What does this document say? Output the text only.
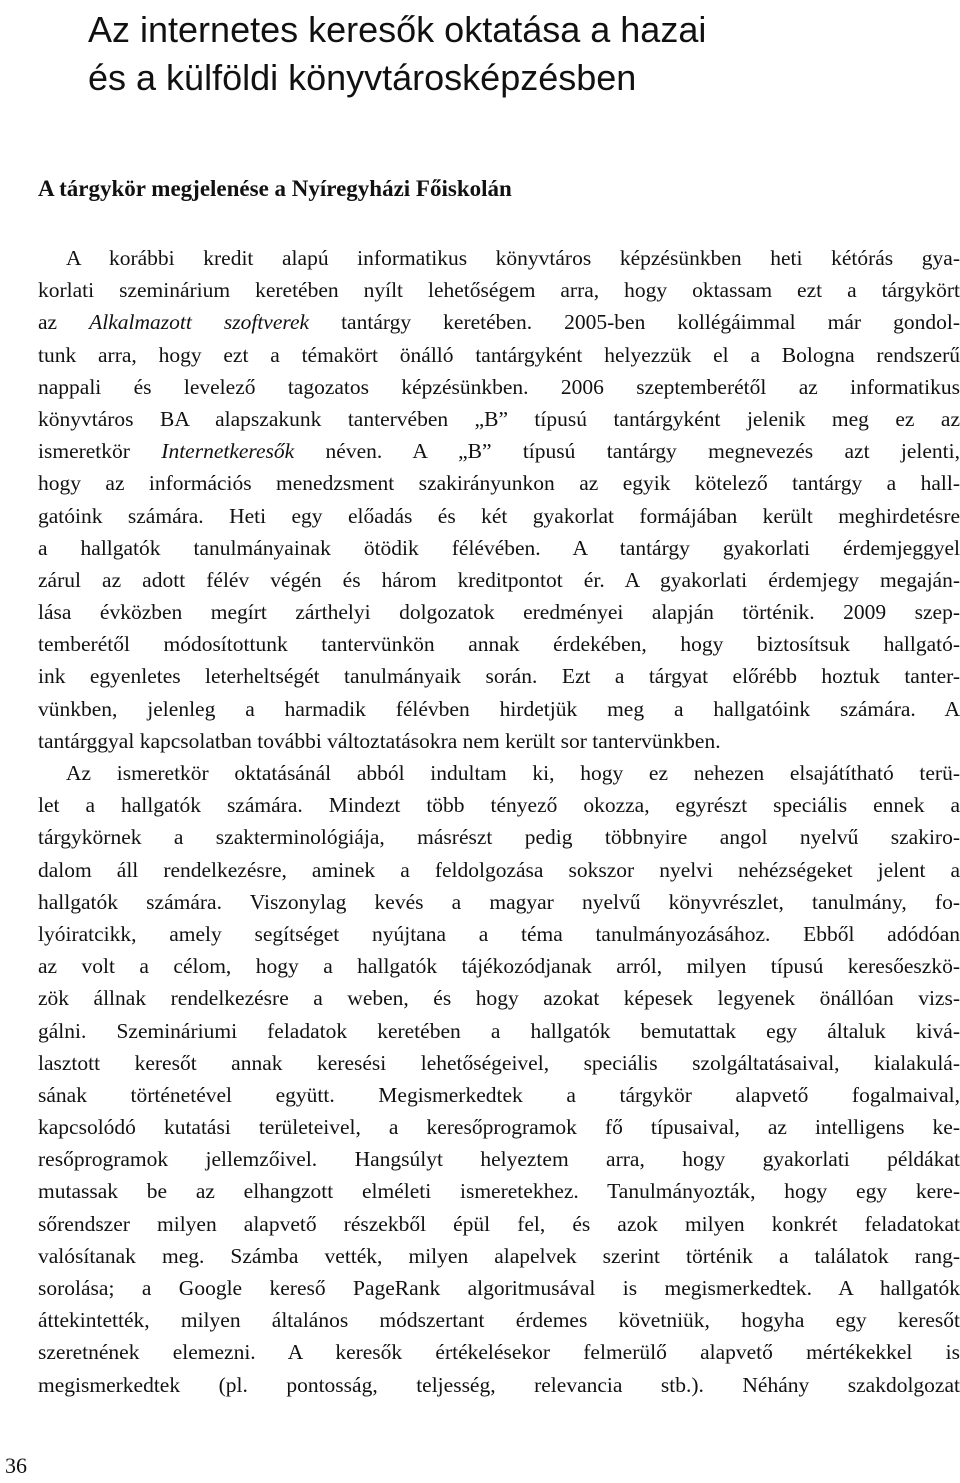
Az internetes keresők oktatása a hazai
és a külföldi könyvtárosképzésben
A tárgykör megjelenése a Nyíregyházi Főiskolán
A korábbi kredit alapú informatikus könyvtáros képzésünkben heti kétórás gya-
korlati szeminárium keretében nyílt lehetőségem arra, hogy oktassam ezt a tárgykört
az Alkalmazott szoftverek tantárgy keretében. 2005-ben kollégáimmal már gondol-
tunk arra, hogy ezt a témakört önálló tantárgyként helyezzük el a Bologna rendszerű
nappali és levelező tagozatos képzésünkben. 2006 szeptemberétől az informatikus
könyvtáros BA alapszakunk tantervében „B” típusú tantárgyként jelenik meg ez az
ismeretkör Internetkeresők néven. A „B” típusú tantárgy megnevezés azt jelenti,
hogy az információs menedzsment szakirányunkon az egyik kötelező tantárgy a hall-
gatóink számára. Heti egy előadás és két gyakorlat formájában került meghirdetésre
a hallgatók tanulmányainak ötödik félévében. A tantárgy gyakorlati érdemjeggyel
zárul az adott félév végén és három kreditpontot ér. A gyakorlati érdemjegy megaján-
lása évközben megírt zárthelyi dolgozatok eredményei alapján történik. 2009 szep-
temberétől módosítottunk tantervünkön annak érdekében, hogy biztosítsuk hallgató-
ink egyenletes leterheltségét tanulmányaik során. Ezt a tárgyat előrébb hoztuk tanter-
vünkben, jelenleg a harmadik félévben hirdetjük meg a hallgatóink számára. A
tantárggyal kapcsolatban további változtatásokra nem került sor tantervünkben.
Az ismeretkör oktatásánál abból indultam ki, hogy ez nehezen elsajátítható terü-
let a hallgatók számára. Mindezt több tényező okozza, egyrészt speciális ennek a
tárgykörnek a szakterminológiája, másrészt pedig többnyire angol nyelvű szakiro-
dalom áll rendelkezésre, aminek a feldolgozása sokszor nyelvi nehézségeket jelent a
hallgatók számára. Viszonylag kevés a magyar nyelvű könyvrészlet, tanulmány, fo-
lyóiratcikk, amely segítséget nyújtana a téma tanulmányozásához. Ebből adódóan
az volt a célom, hogy a hallgatók tájékozódjanak arról, milyen típusú keresőeszkö-
zök állnak rendelkezésre a weben, és hogy azokat képesek legyenek önállóan vizs-
gálni. Szemináriumi feladatok keretében a hallgatók bemutattak egy általuk kivá-
lasztott keresőt annak keresési lehetőségeivel, speciális szolgáltatásaival, kialakulá-
sának történetével együtt. Megismerkedtek a tárgykör alapvető fogalmaival,
kapcsolódó kutatási területeivel, a keresőprogramok fő típusaival, az intelligens ke-
resőprogramok jellemzőivel. Hangsúlyt helyeztem arra, hogy gyakorlati példákat
mutassak be az elhangzott elméleti ismeretekhez. Tanulmányozták, hogy egy kere-
sőrendszer milyen alapvető részekből épül fel, és azok milyen konkrét feladatokat
valósítanak meg. Számba vették, milyen alapelvek szerint történik a találatok rang-
sorolása; a Google kereső PageRank algoritmusával is megismerkedtek. A hallgatók
áttekintették, milyen általános módszertant érdemes követniük, hogyha egy keresőt
szeretnének elemezni. A keresők értékelésekor felmerülő alapvető mértékekkel is
megismerkedtek (pl. pontosság, teljesség, relevancia stb.). Néhány szakdolgozat
36
